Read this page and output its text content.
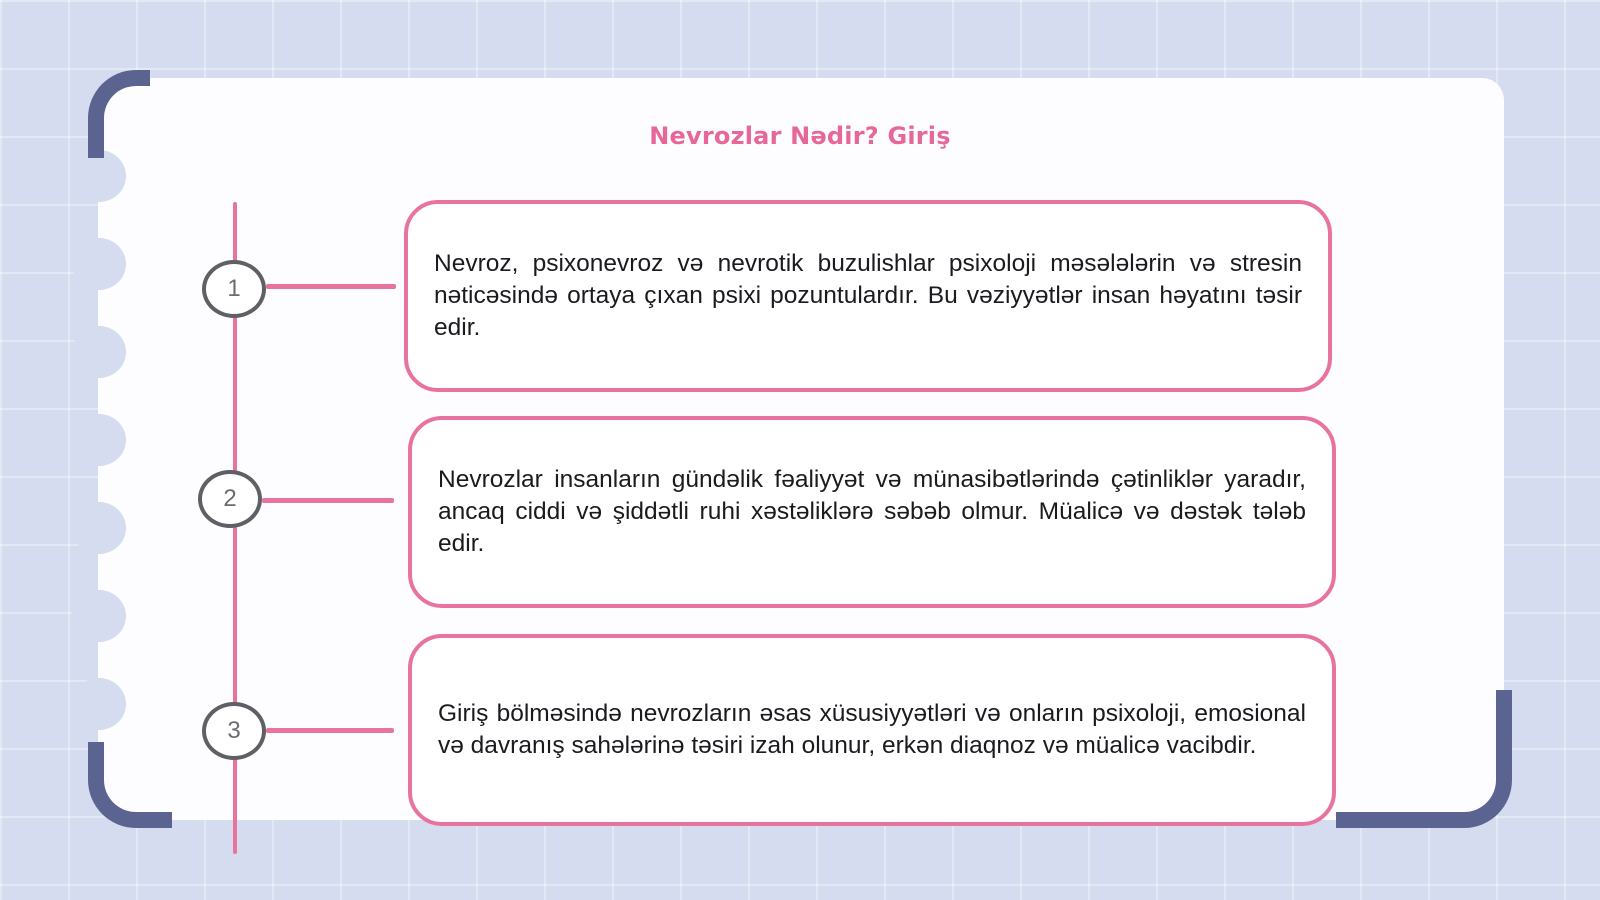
Nevrozlar Nədir? Giriş
1

Nevroz, psixonevroz və nevrotik buzulishlar psixoloji məsələlərin və stresin nəticəsində ortaya çıxan psixi pozuntulardır. Bu vəziyyətlər insan həyatını təsir edir.

2

Nevrozlar insanların gündəlik fəaliyyət və münasibətlərində çətinliklər yaradır, ancaq ciddi və şiddətli ruhi xəstəliklərə səbəb olmur. Müalicə və dəstək tələb edir.

3

Giriş bölməsində nevrozların əsas xüsusiyyətləri və onların psixoloji, emosional və davranış sahələrinə təsiri izah olunur, erkən diaqnoz və müalicə vacibdir.
